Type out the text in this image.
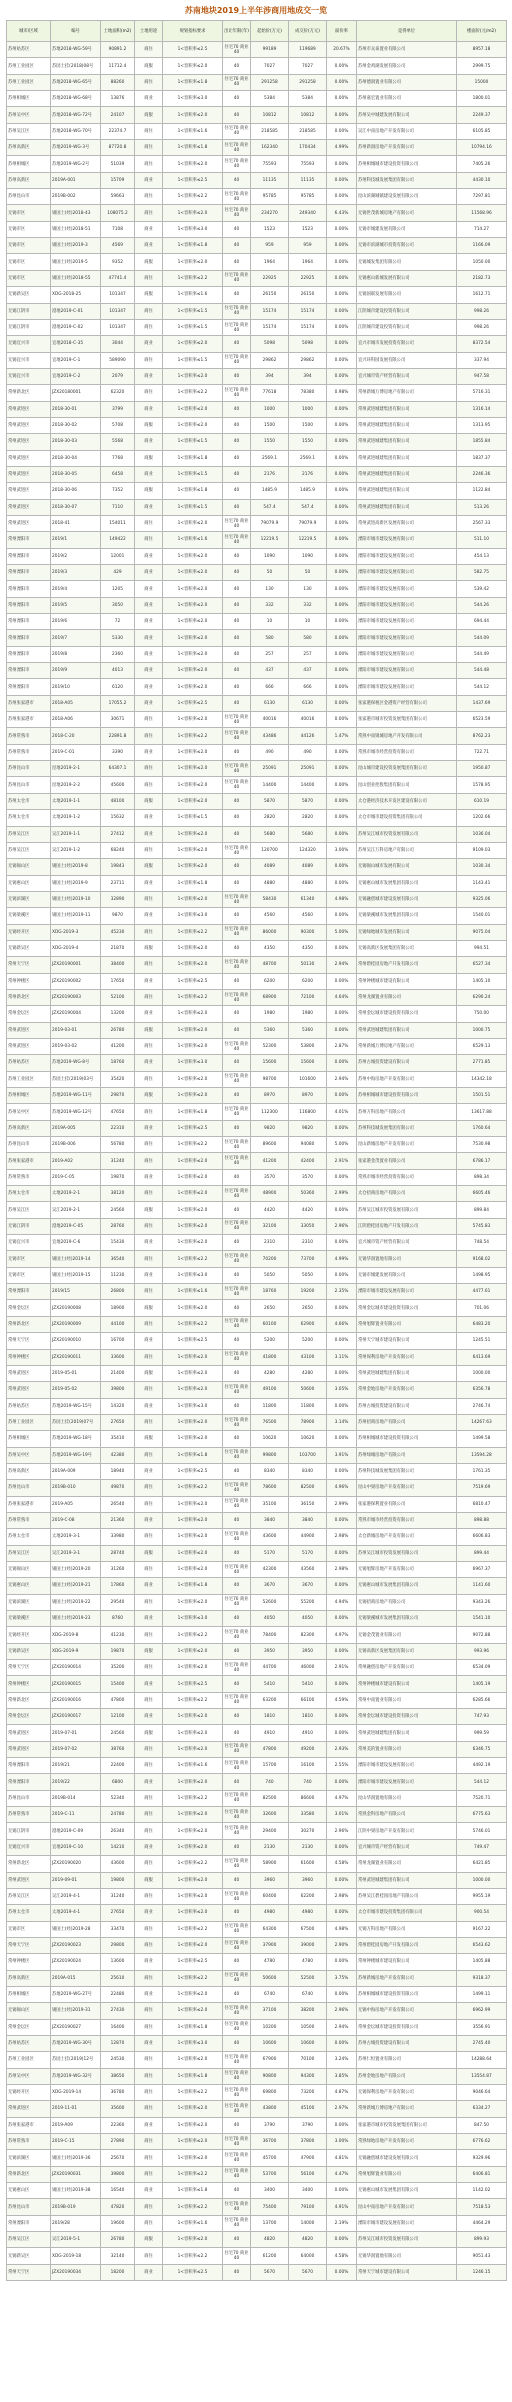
苏南地块2019上半年涉商用地成交一览
城市/区域	编号	土地面积(m2)	土地用途	规划指标要求	出让年限(年)	起始价(万元)	成交价(万元)	溢价率	竞得单位	楼面价(元/m2)
苏州姑苏区	苏地2018-WG-59号	90891.2	商住	1<容积率≤2.5	住宅70 商业40	99189	119689	20.67%	苏州市众泰置业有限公司	8957.18
苏州工业园区	苏园土挂(2018)08号	11712.4	商服	1<容积率≤2.0	40	7027	7027	0.00%	苏州金鸡湖发展有限公司	2999.75
苏州工业园区	苏地2018-WG-65号	88260	商住	1<容积率≤1.8	住宅70 商业40	291258	291258	0.00%	苏州德润置业有限公司	15000
苏州相城区	苏地2018-WG-68号	13876	商业	1<容积率≤3.0	40	5384	5384	0.00%	苏州嘉宏置业有限公司	1800.01
苏州吴中区	苏地2018-WG-72号	24107	商服	1<容积率≤2.0	40	10812	10812	0.00%	苏州吴中城建发展有限公司	2249.37
苏州吴江区	苏地2018-WG-70号	22374.7	商住	1<容积率≤1.6	住宅70 商业40	218585	218585	0.00%	吴江中南房地产开发有限公司	6105.85
苏州高新区	苏地2019-WG-3号	87720.8	商住	1<容积率≤1.8	住宅70 商业40	162340	170434	4.99%	苏州新润房地产开发有限公司	10794.16
苏州相城区	苏地2019-WG-2号	51039	商住	1<容积率≤2.0	住宅70 商业40	75593	75593	0.00%	苏州相城城市建设投资有限公司	7405.26
苏州高新区	2019A-001	15709	商业	1<容积率≤2.5	40	11135	11135	0.00%	苏州科技城发展集团有限公司	4430.10
苏州昆山市	2019B-002	59663	商住	1<容积率≤2.2	住宅70 商业40	95785	95785	0.00%	昆山滨湖城镇建设发展有限公司	7297.81
无锡市区	锡国土(经)2018-43	108075.2	商住	1<容积率≤2.0	住宅70 商业40	234270	249340	6.43%	无锡世茂新城房地产有限公司	11568.96
无锡市区	锡国土(经)2018-51	7108	商业	1<容积率≤3.0	40	1523	1523	0.00%	无锡市城建发展有限公司	714.27
无锡市区	锡国土(经)2019-3	4569	商业	1<容积率≤1.8	40	959	959	0.00%	无锡市滨湖城市投资有限公司	1166.09
无锡市区	锡国土(经)2019-5	9352	商服	1<容积率≤2.0	40	1964	1964	0.00%	无锡城发集团有限公司	1050.00
无锡市区	锡国土(经)2018-55	47741.4	商住	1<容积率≤2.2	住宅70 商业40	22925	22925	0.00%	无锡惠山新城发展有限公司	2182.73
无锡新吴区	XDG-2018-25	101347	商服	1<容积率≤1.6	40	26150	26150	0.00%	无锡国联发展有限公司	1612.71
无锡江阴市	澄地2019-C-01	101347	商住	1<容积率≤1.5	住宅70 商业40	15174	15174	0.00%	江阴城市建设投资有限公司	998.26
无锡江阴市	澄地2019-C-02	101347	商住	1<容积率≤1.5	住宅70 商业40	15174	15174	0.00%	江阴城市建设投资有限公司	998.26
无锡宜兴市	宜地2018-C-35	3044	商业	1<容积率≤2.0	40	5098	5098	0.00%	宜兴市城市发展投资有限公司	8372.54
无锡宜兴市	宜地2019-C-1	589090	商住	1<容积率≤1.5	住宅70 商业40	29862	29862	0.00%	宜兴环科园发展有限公司	337.94
无锡宜兴市	宜地2019-C-2	2079	商业	1<容积率≤2.0	40	394	394	0.00%	宜兴城市资产经营有限公司	947.58
常州新北区	JZX20180001	62320	商住	1<容积率≤2.2	住宅70 商业40	77618	78380	0.98%	常州新城万博房地产有限公司	5716.31
常州武进区	2018-30-01	3799	商业	1<容积率≤2.0	40	1000	1000	0.00%	常州武进城建集团有限公司	1316.14
常州武进区	2018-30-02	5708	商服	1<容积率≤2.0	40	1500	1500	0.00%	常州武进城建集团有限公司	1313.95
常州武进区	2018-30-03	5568	商业	1<容积率≤1.5	40	1550	1550	0.00%	常州武进城建集团有限公司	1855.84
常州武进区	2018-30-04	7768	商服	1<容积率≤1.8	40	2569.1	2569.1	0.00%	常州武进城建集团有限公司	1837.37
常州武进区	2018-30-05	6458	商业	1<容积率≤1.5	40	2176	2176	0.00%	常州武进城建集团有限公司	2246.36
常州武进区	2018-30-06	7352	商服	1<容积率≤1.8	40	1485.9	1485.9	0.00%	常州武进城建集团有限公司	1122.84
常州武进区	2018-30-07	7110	商业	1<容积率≤1.5	40	547.4	547.4	0.00%	常州武进城建集团有限公司	513.26
常州武进区	2018-41	154011	商住	1<容积率≤2.0	住宅70 商业40	79079.9	79079.9	0.00%	常州武进高新区发展有限公司	2567.33
常州溧阳市	2019/1	149422	商住	1<容积率≤1.6	住宅70 商业40	12219.5	12219.5	0.00%	溧阳市城市建设发展有限公司	511.10
常州溧阳市	2019/2	12001	商业	1<容积率≤2.0	40	1090	1090	0.00%	溧阳市城市建设发展有限公司	454.13
常州溧阳市	2019/3	429	商业	1<容积率≤2.0	40	50	50	0.00%	溧阳市城市建设发展有限公司	582.75
常州溧阳市	2019/4	1205	商业	1<容积率≤2.0	40	130	130	0.00%	溧阳市城市建设发展有限公司	539.42
常州溧阳市	2019/5	3050	商业	1<容积率≤2.0	40	332	332	0.00%	溧阳市城市建设发展有限公司	544.26
常州溧阳市	2019/6	72	商业	1<容积率≤2.0	40	10	10	0.00%	溧阳市城市建设发展有限公司	694.44
常州溧阳市	2019/7	5330	商业	1<容积率≤2.0	40	580	580	0.00%	溧阳市城市建设发展有限公司	544.09
常州溧阳市	2019/8	2360	商业	1<容积率≤2.0	40	257	257	0.00%	溧阳市城市建设发展有限公司	544.49
常州溧阳市	2019/9	4013	商业	1<容积率≤2.0	40	437	437	0.00%	溧阳市城市建设发展有限公司	544.48
常州溧阳市	2019/10	6120	商业	1<容积率≤2.0	40	666	666	0.00%	溧阳市城市建设发展有限公司	544.12
苏州张家港市	2018-A05	17055.2	商业	1<容积率≤2.5	40	6130	6130	0.00%	张家港保税区金港资产经营有限公司	1437.69
苏州张家港市	2018-A06	30671	商住	1<容积率≤2.0	住宅70 商业40	40016	40016	0.00%	张家港市城市投资发展集团有限公司	6523.59
苏州常熟市	2018-C-20	22891.8	商住	1<容积率≤2.2	住宅70 商业40	43486	44126	1.47%	常熟中南锦城房地产开发有限公司	8762.23
苏州常熟市	2019-C-01	3390	商业	1<容积率≤2.0	40	490	490	0.00%	常熟市城市经营投资有限公司	722.71
苏州昆山市	昆地2019-2-1	64307.1	商住	1<容积率≤2.0	住宅70 商业40	25091	25091	0.00%	昆山城市建设投资发展集团有限公司	1950.87
苏州昆山市	昆地2019-2-2	45600	商住	1<容积率≤2.0	住宅70 商业40	14400	14400	0.00%	昆山创业控股集团有限公司	1578.95
苏州太仓市	太地2019-1-1	48100	商服	1<容积率≤2.0	40	5870	5870	0.00%	太仓港经济技术开发区建设有限公司	610.19
苏州太仓市	太地2019-1-2	15632	商业	1<容积率≤1.5	40	2820	2820	0.00%	太仓市城市建设投资集团有限公司	1202.66
苏州吴江区	吴江2019-1-1	27412	商业	1<容积率≤2.0	40	5680	5680	0.00%	苏州吴江城市投资发展有限公司	1036.04
苏州吴江区	吴江2019-1-2	68240	商住	1<容积率≤2.0	住宅70 商业40	120700	124320	3.00%	苏州吴江万科房地产有限公司	9109.03
无锡锡山区	锡国土(经)2019-8	19843	商服	1<容积率≤2.0	40	4089	4089	0.00%	无锡锡山城市发展有限公司	1030.34
无锡惠山区	锡国土(经)2019-9	23711	商业	1<容积率≤1.8	40	4880	4880	0.00%	无锡惠山城市发展集团有限公司	1143.41
无锡滨湖区	锡国土(经)2019-10	32890	商住	1<容积率≤2.0	住宅70 商业40	58430	61340	4.98%	无锡融创城市建设发展有限公司	9325.06
无锡梁溪区	锡国土(经)2019-11	9870	商业	1<容积率≤3.0	40	4560	4560	0.00%	无锡梁溪城市发展集团有限公司	1540.01
无锡经开区	XDG-2019-3	45230	商住	1<容积率≤2.2	住宅70 商业40	86000	90300	5.00%	无锡绿地城市发展有限公司	9075.04
无锡新吴区	XDG-2019-4	21870	商服	1<容积率≤2.0	40	4350	4350	0.00%	无锡高新区发展集团有限公司	994.51
常州天宁区	JZX20190001	38400	商住	1<容积率≤2.0	住宅70 商业40	48700	50130	2.94%	常州碧桂园房地产开发有限公司	6527.34
常州钟楼区	JZX20190002	17650	商业	1<容积率≤2.5	40	6200	6200	0.00%	常州钟楼城市建设有限公司	1405.10
常州新北区	JZX20190003	52100	商住	1<容积率≤2.2	住宅70 商业40	68900	72100	4.64%	常州龙湖置业有限公司	6290.24
常州金坛区	JZX20190004	13200	商业	1<容积率≤2.0	40	1980	1980	0.00%	常州金坛城市建设投资有限公司	750.00
常州武进区	2019-03-01	26780	商服	1<容积率≤2.0	40	5360	5360	0.00%	常州武进城建集团有限公司	1000.75
常州武进区	2019-03-02	41200	商住	1<容积率≤2.0	住宅70 商业40	52300	53800	2.87%	常州新城万博房地产有限公司	6529.13
苏州姑苏区	苏地2019-WG-8号	18760	商业	1<容积率≤3.0	40	15600	15600	0.00%	苏州古城投资建设有限公司	2771.85
苏州工业园区	苏园土挂(2019)03号	35420	商住	1<容积率≤2.0	住宅70 商业40	98700	101600	2.94%	苏州中海房地产开发有限公司	14342.18
苏州相城区	苏地2019-WG-11号	29870	商服	1<容积率≤2.0	40	8970	8970	0.00%	苏州相城城市建设投资有限公司	1501.51
苏州吴中区	苏地2019-WG-12号	47650	商住	1<容积率≤1.8	住宅70 商业40	112300	116800	4.01%	苏州万科房地产有限公司	13617.88
苏州高新区	2019A-005	22310	商业	1<容积率≤2.5	40	9820	9820	0.00%	苏州科技城发展集团有限公司	1760.64
苏州昆山市	2019B-006	56780	商住	1<容积率≤2.2	住宅70 商业40	89600	94080	5.00%	昆山新城房地产开发有限公司	7530.98
苏州张家港市	2019-A02	31240	商住	1<容积率≤2.0	住宅70 商业40	41200	42400	2.91%	张家港金茂置业有限公司	6786.17
苏州常熟市	2019-C-05	19870	商业	1<容积率≤2.0	40	3570	3570	0.00%	常熟市城市经营投资有限公司	898.34
苏州太仓市	太地2019-2-1	38120	商住	1<容积率≤2.0	住宅70 商业40	48900	50360	2.99%	太仓招商房地产有限公司	6605.46
苏州吴江区	吴江2019-2-1	24560	商服	1<容积率≤2.0	40	4420	4420	0.00%	苏州吴江城市投资发展有限公司	899.84
无锡江阴市	澄地2019-C-05	28760	商住	1<容积率≤2.0	住宅70 商业40	32100	33050	2.96%	江阴碧桂园房地产开发有限公司	5745.83
无锡宜兴市	宜地2019-C-6	15430	商业	1<容积率≤2.0	40	2310	2310	0.00%	宜兴城市资产经营有限公司	748.54
无锡市区	锡国土(经)2019-14	36540	商住	1<容积率≤2.2	住宅70 商业40	70200	73700	4.99%	无锡华润置地有限公司	9168.02
无锡市区	锡国土(经)2019-15	11230	商业	1<容积率≤3.0	40	5050	5050	0.00%	无锡市城建发展有限公司	1498.95
常州溧阳市	2019/15	26800	商住	1<容积率≤1.6	住宅70 商业40	18760	19200	2.35%	溧阳市城市建设发展有限公司	4477.61
常州金坛区	JZX20190008	18900	商服	1<容积率≤2.0	40	2650	2650	0.00%	常州金坛城市建设投资有限公司	701.06
常州新北区	JZX20190009	44100	商住	1<容积率≤2.2	住宅70 商业40	60100	62900	4.66%	常州旭辉置业有限公司	6483.20
常州天宁区	JZX20190010	16700	商业	1<容积率≤2.5	40	5200	5200	0.00%	常州天宁城市建设有限公司	1245.51
常州钟楼区	JZX20190011	33600	商住	1<容积率≤2.0	住宅70 商业40	41800	43100	3.11%	常州保利房地产开发有限公司	6413.69
常州武进区	2019-05-01	21400	商服	1<容积率≤2.0	40	4280	4280	0.00%	常州武进城建集团有限公司	1000.00
常州武进区	2019-05-02	39800	商住	1<容积率≤2.0	住宅70 商业40	49100	50600	3.05%	常州金地房地产开发有限公司	6356.78
苏州姑苏区	苏地2019-WG-15号	14320	商业	1<容积率≤3.0	40	11800	11800	0.00%	苏州古城投资建设有限公司	2746.74
苏州工业园区	苏园土挂(2019)07号	27650	商住	1<容积率≤2.0	住宅70 商业40	76500	78900	3.14%	苏州招商房地产有限公司	14267.63
苏州相城区	苏地2019-WG-18号	35410	商服	1<容积率≤2.0	40	10620	10620	0.00%	苏州相城城市建设投资有限公司	1499.58
苏州吴中区	苏地2019-WG-19号	42380	商住	1<容积率≤1.8	住宅70 商业40	99800	103700	3.91%	苏州绿城房地产有限公司	13594.28
苏州高新区	2019A-009	18940	商业	1<容积率≤2.5	40	8340	8340	0.00%	苏州科技城发展集团有限公司	1761.35
苏州昆山市	2019B-010	49870	商住	1<容积率≤2.2	住宅70 商业40	78600	82500	4.96%	昆山中梁房地产开发有限公司	7519.69
苏州张家港市	2019-A05	26540	商住	1<容积率≤2.0	住宅70 商业40	35100	36150	2.99%	张家港保利置业有限公司	6810.47
苏州常熟市	2019-C-08	21360	商业	1<容积率≤2.0	40	3840	3840	0.00%	常熟市城市经营投资有限公司	898.88
苏州太仓市	太地2019-3-1	33980	商住	1<容积率≤2.0	住宅70 商业40	43600	44900	2.98%	太仓新城房地产开发有限公司	6606.83
苏州吴江区	吴江2019-3-1	28740	商服	1<容积率≤2.0	40	5170	5170	0.00%	苏州吴江城市投资发展有限公司	899.44
无锡锡山区	锡国土(经)2019-20	31260	商住	1<容积率≤2.0	住宅70 商业40	42300	43560	2.98%	无锡旭辉房地产开发有限公司	6967.37
无锡惠山区	锡国土(经)2019-21	17860	商业	1<容积率≤1.8	40	3670	3670	0.00%	无锡惠山城市发展集团有限公司	1141.60
无锡滨湖区	锡国土(经)2019-22	29540	商住	1<容积率≤2.0	住宅70 商业40	52600	55200	4.94%	无锡招商房地产有限公司	9343.26
无锡梁溪区	锡国土(经)2019-23	8760	商业	1<容积率≤3.0	40	4050	4050	0.00%	无锡梁溪城市发展集团有限公司	1541.10
无锡经开区	XDG-2019-8	41230	商住	1<容积率≤2.2	住宅70 商业40	78400	82300	4.97%	无锡金茂置业有限公司	9072.88
无锡新吴区	XDG-2019-9	19870	商服	1<容积率≤2.0	40	3950	3950	0.00%	无锡高新区发展集团有限公司	993.96
常州天宁区	JZX20190014	35200	商住	1<容积率≤2.0	住宅70 商业40	44700	46000	2.91%	常州融创房地产开发有限公司	6534.09
常州钟楼区	JZX20190015	15400	商业	1<容积率≤2.5	40	5410	5410	0.00%	常州钟楼城市建设有限公司	1405.19
常州新北区	JZX20190016	47800	商住	1<容积率≤2.2	住宅70 商业40	63200	66100	4.59%	常州中南置业有限公司	6285.66
常州金坛区	JZX20190017	12100	商业	1<容积率≤2.0	40	1810	1810	0.00%	常州金坛城市建设投资有限公司	747.93
常州武进区	2019-07-01	24560	商服	1<容积率≤2.0	40	4910	4910	0.00%	常州武进城建集团有限公司	999.59
常州武进区	2019-07-02	38760	商住	1<容积率≤2.0	住宅70 商业40	47800	49200	2.93%	常州美的置业有限公司	6346.75
常州溧阳市	2019/21	22400	商住	1<容积率≤1.6	住宅70 商业40	15700	16100	2.55%	溧阳市城市建设发展有限公司	4492.19
常州溧阳市	2019/22	6800	商业	1<容积率≤2.0	40	740	740	0.00%	溧阳市城市建设发展有限公司	544.12
苏州昆山市	2019B-014	52340	商住	1<容积率≤2.2	住宅70 商业40	82500	86600	4.97%	昆山华润置地有限公司	7520.71
苏州常熟市	2019-C-11	24780	商住	1<容积率≤2.0	住宅70 商业40	32600	33580	3.01%	常熟金科房地产有限公司	6775.63
无锡江阴市	澄地2019-C-09	26340	商住	1<容积率≤2.0	住宅70 商业40	29400	30270	2.96%	江阴中梁房地产开发有限公司	5746.01
无锡宜兴市	宜地2019-C-10	14210	商业	1<容积率≤2.0	40	2130	2130	0.00%	宜兴城市资产经营有限公司	749.47
常州新北区	JZX20190020	43600	商住	1<容积率≤2.2	住宅70 商业40	58900	61600	4.58%	常州龙湖置业有限公司	6421.85
常州武进区	2019-09-01	19800	商服	1<容积率≤2.0	40	3960	3960	0.00%	常州武进城建集团有限公司	1000.00
苏州吴江区	吴江2019-4-1	31240	商住	1<容积率≤2.0	住宅70 商业40	60400	62200	2.98%	苏州吴江碧桂园房地产有限公司	9955.19
苏州太仓市	太地2019-4-1	27650	商业	1<容积率≤2.0	40	4980	4980	0.00%	太仓市城市建设投资集团有限公司	900.54
无锡市区	锡国土(经)2019-28	33470	商住	1<容积率≤2.2	住宅70 商业40	64300	67500	4.98%	无锡万科房地产有限公司	9167.22
常州天宁区	JZX20190023	29800	商住	1<容积率≤2.0	住宅70 商业40	37900	39000	2.90%	常州碧桂园房地产开发有限公司	6543.62
常州钟楼区	JZX20190024	13600	商业	1<容积率≤2.5	40	4780	4780	0.00%	常州钟楼城市建设有限公司	1405.88
苏州高新区	2019A-015	25610	商住	1<容积率≤2.2	住宅70 商业40	50600	52500	3.75%	苏州新城房地产开发有限公司	9318.37
苏州相城区	苏地2019-WG-27号	22480	商业	1<容积率≤2.0	40	6740	6740	0.00%	苏州相城城市建设投资有限公司	1499.11
无锡锡山区	锡国土(经)2019-31	27430	商住	1<容积率≤2.0	住宅70 商业40	37100	38200	2.96%	无锡中海房地产开发有限公司	6962.99
常州金坛区	JZX20190027	16400	商住	1<容积率≤1.8	住宅70 商业40	10200	10500	2.94%	常州金坛城市建设投资有限公司	3556.91
苏州姑苏区	苏地2019-WG-30号	12870	商业	1<容积率≤3.0	40	10600	10600	0.00%	苏州古城投资建设有限公司	2745.40
苏州工业园区	苏园土挂(2019)12号	24530	商住	1<容积率≤2.0	住宅70 商业40	67900	70100	3.24%	苏州仁恒置业有限公司	14288.64
苏州吴中区	苏地2019-WG-32号	38650	商住	1<容积率≤1.8	住宅70 商业40	90800	94300	3.85%	苏州金地房地产有限公司	13554.87
无锡经开区	XDG-2019-14	36780	商住	1<容积率≤2.2	住宅70 商业40	69800	73200	4.87%	无锡保利房地产开发有限公司	9046.64
常州武进区	2019-11-01	35600	商住	1<容积率≤2.0	住宅70 商业40	43800	45100	2.97%	常州新城万博房地产有限公司	6334.27
苏州张家港市	2019-A09	22360	商业	1<容积率≤2.0	40	3790	3790	0.00%	张家港市城市投资发展集团有限公司	847.50
苏州常熟市	2019-C-15	27890	商住	1<容积率≤2.0	住宅70 商业40	36700	37800	3.00%	常熟绿地房地产开发有限公司	6776.62
无锡滨湖区	锡国土(经)2019-36	25670	商住	1<容积率≤2.0	住宅70 商业40	45700	47900	4.81%	无锡融创城市建设发展有限公司	9329.96
常州新北区	JZX20190031	39800	商住	1<容积率≤2.2	住宅70 商业40	53700	56100	4.47%	常州旭辉置业有限公司	6406.81
无锡惠山区	锡国土(经)2019-38	16540	商业	1<容积率≤1.8	40	3400	3400	0.00%	无锡惠山城市发展集团有限公司	1142.02
苏州昆山市	2019B-019	47820	商住	1<容积率≤2.2	住宅70 商业40	75400	79100	4.91%	昆山中南房地产开发有限公司	7518.53
常州溧阳市	2019/28	19600	商住	1<容积率≤1.6	住宅70 商业40	13700	14000	2.19%	溧阳市城市建设发展有限公司	4464.29
苏州吴江区	吴江2019-5-1	26780	商服	1<容积率≤2.0	40	4820	4820	0.00%	苏州吴江城市投资发展有限公司	899.93
无锡新吴区	XDG-2019-18	32140	商住	1<容积率≤2.2	住宅70 商业40	61200	64000	4.58%	无锡华润置地有限公司	9051.43
常州天宁区	JZX20190034	18200	商业	1<容积率≤2.5	40	5670	5670	0.00%	常州天宁城市建设有限公司	1246.15
